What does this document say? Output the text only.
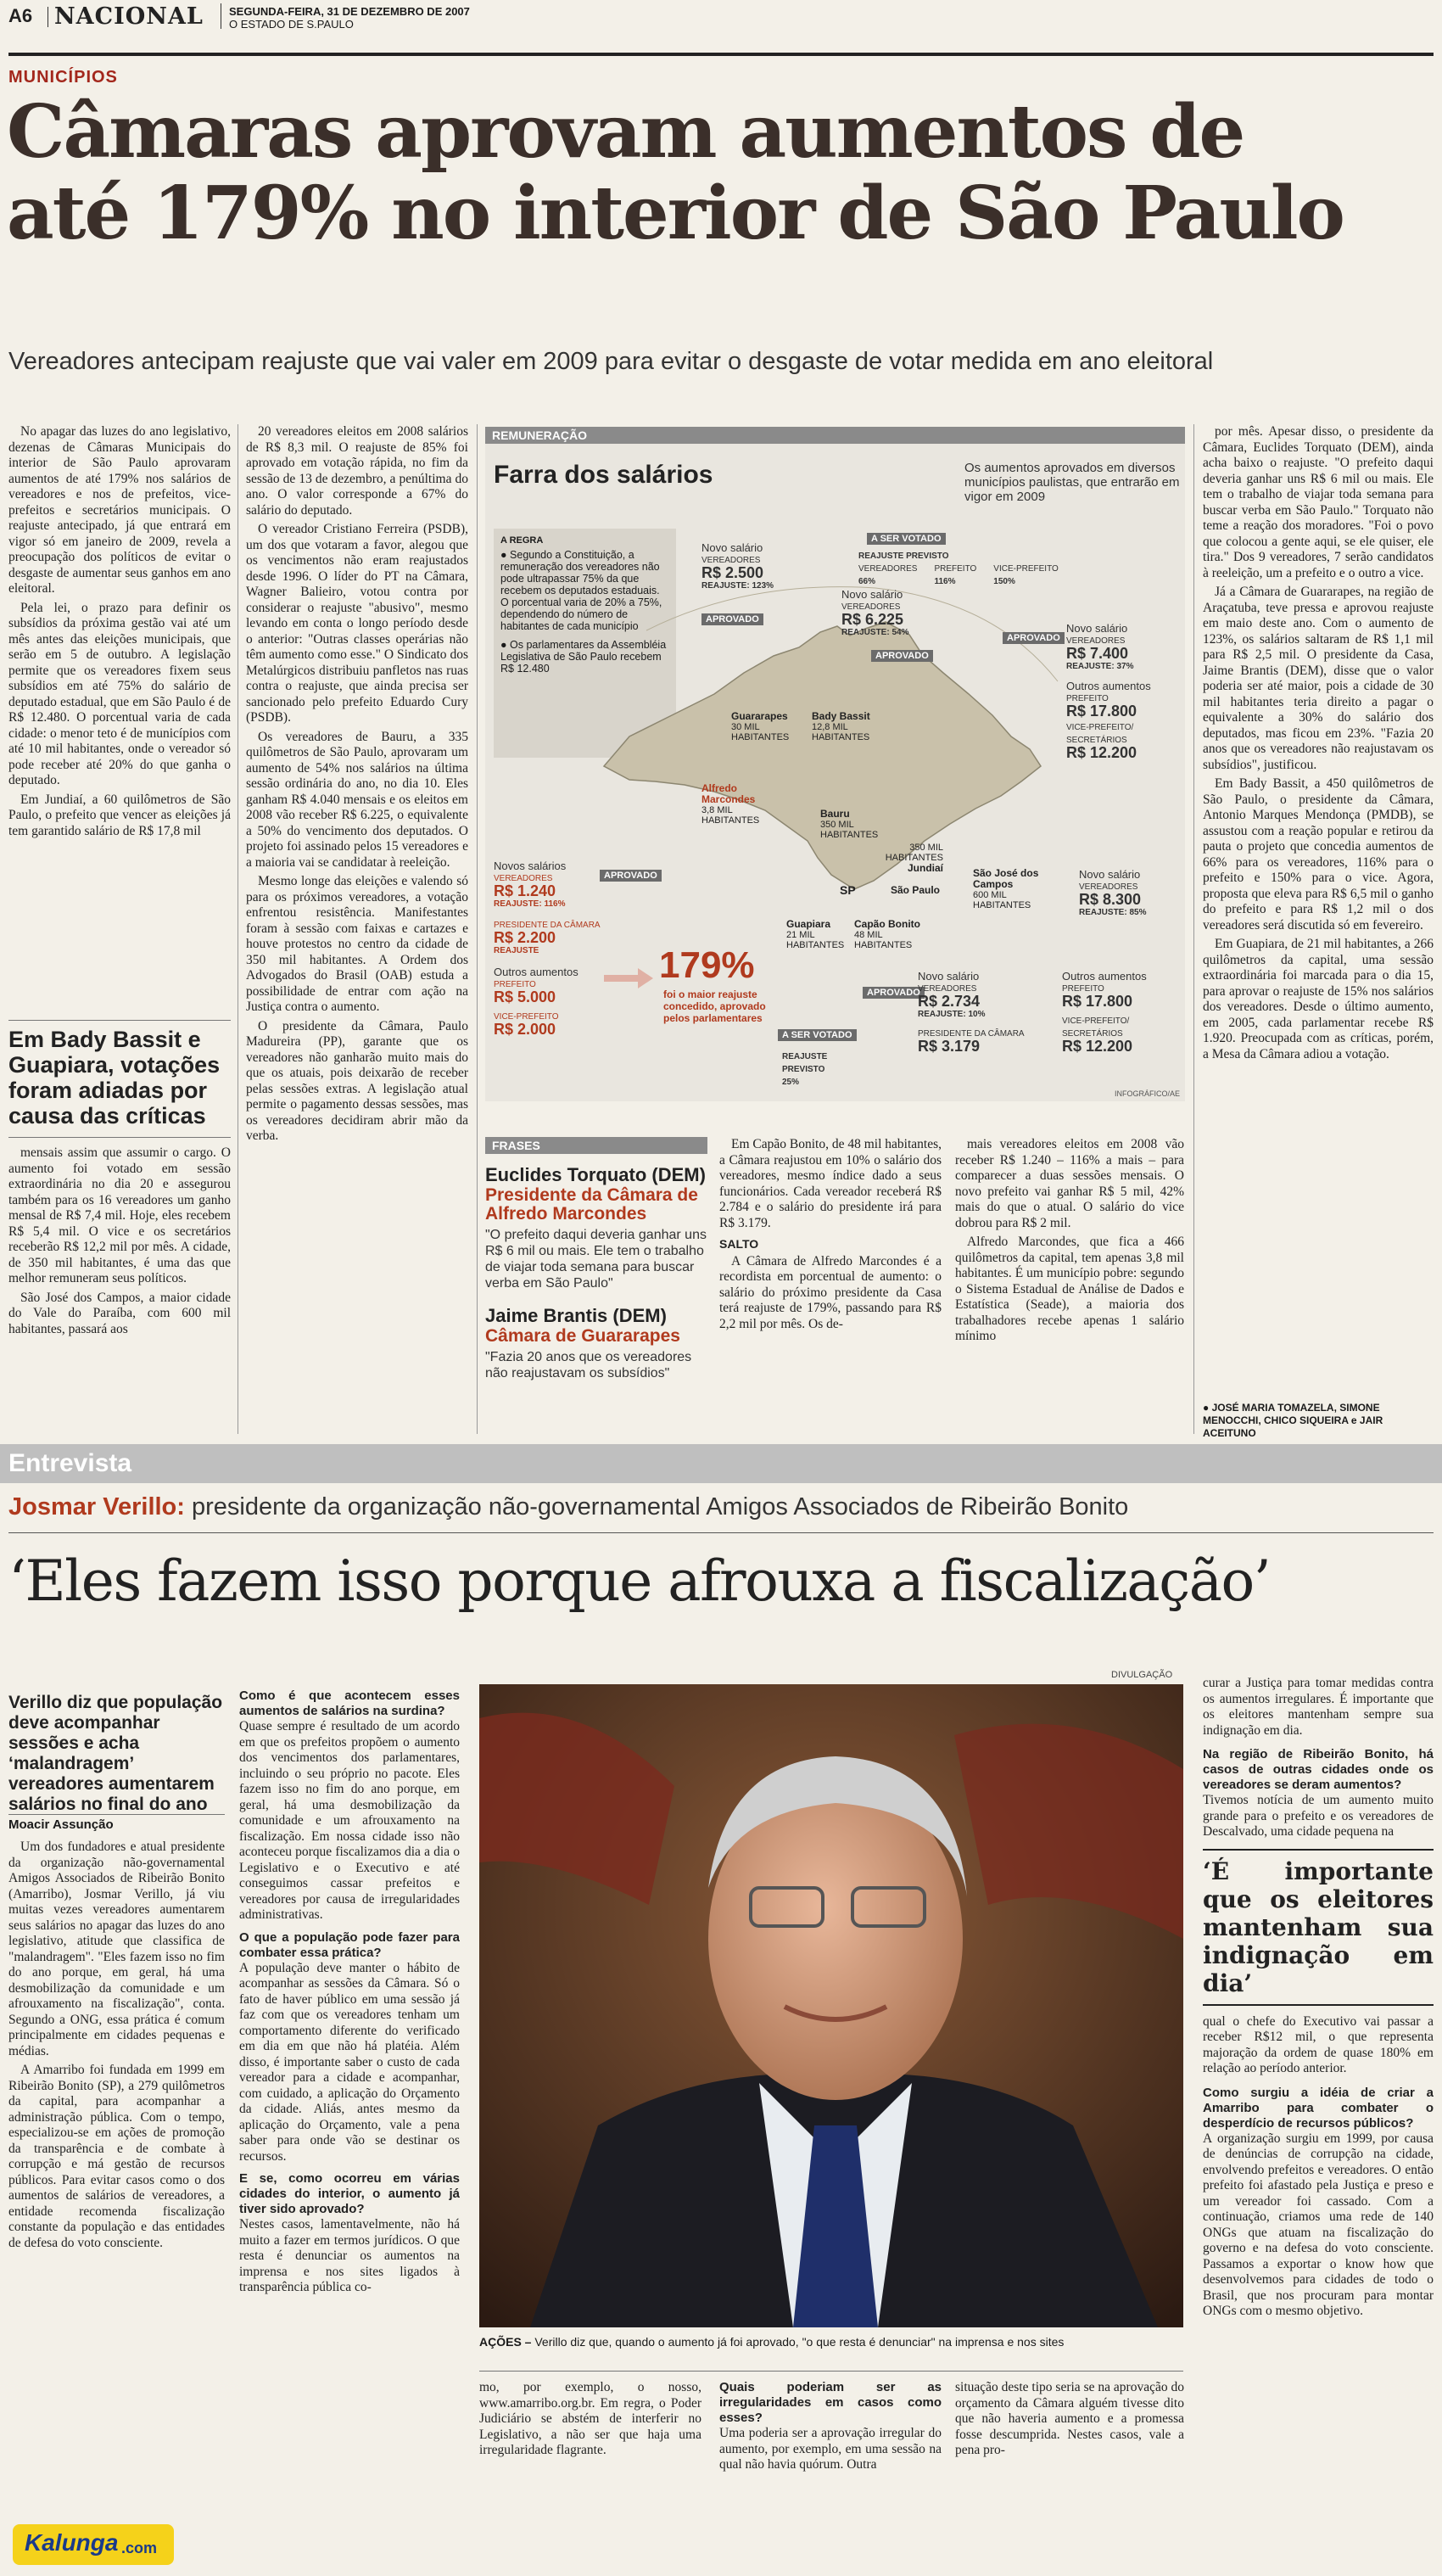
A6 NACIONAL SEGUNDA-FEIRA, 31 DE DEZEMBRO DE 2007
O ESTADO DE S.PAULO
MUNICÍPIOS
Câmaras aprovam aumentos de
até 179% no interior de São Paulo
Vereadores antecipam reajuste que vai valer em 2009 para evitar o desgaste de votar medida em ano eleitoral

No apagar das luzes do ano legislativo, dezenas de Câmaras Municipais do interior de São Paulo aprovaram aumentos de até 179% nos salários de vereadores e nos de prefeitos, vice-prefeitos e secretários municipais. O reajuste antecipado, já que entrará em vigor só em janeiro de 2009, revela a preocupação dos políticos de evitar o desgaste de aumentar seus ganhos em ano eleitoral.

Pela lei, o prazo para definir os subsídios da próxima gestão vai até um mês antes das eleições municipais, que serão em 5 de outubro. A legislação permite que os vereadores fixem seus subsídios em até 75% do salário de deputado estadual, que em São Paulo é de R$ 12.480. O porcentual varia de cada cidade: o menor teto é de municípios com até 10 mil habitantes, onde o vereador só pode receber até 20% do que ganha o deputado.

Em Jundiaí, a 60 quilômetros de São Paulo, o prefeito que vencer as eleições já tem garantido salário de R$ 17,8 mil

Em Bady Bassit e Guapiara, votações foram adiadas por causa das críticas

mensais assim que assumir o cargo. O aumento foi votado em sessão extraordinária no dia 20 e assegurou também para os 16 vereadores um ganho mensal de R$ 7,4 mil. Hoje, eles recebem R$ 5,4 mil. O vice e os secretários receberão R$ 12,2 mil por mês. A cidade, de 350 mil habitantes, é uma das que melhor remuneram seus políticos.

São José dos Campos, a maior cidade do Vale do Paraíba, com 600 mil habitantes, passará aos

20 vereadores eleitos em 2008 salários de R$ 8,3 mil. O reajuste de 85% foi aprovado em votação rápida, no fim da sessão de 13 de dezembro, a penúltima do ano. O valor corresponde a 67% do salário do deputado.

O vereador Cristiano Ferreira (PSDB), um dos que votaram a favor, alegou que os vencimentos não eram reajustados desde 1996. O líder do PT na Câmara, Wagner Balieiro, votou contra por considerar o reajuste "abusivo", mesmo levando em conta o longo período desde o anterior: "Outras classes operárias não têm aumento como esse." O Sindicato dos Metalúrgicos distribuiu panfletos nas ruas contra o reajuste, que ainda precisa ser sancionado pelo prefeito Eduardo Cury (PSDB).

Os vereadores de Bauru, a 335 quilômetros de São Paulo, aprovaram um aumento de 54% nos salários na última sessão ordinária do ano, no dia 10. Eles ganham R$ 4.040 mensais e os eleitos em 2008 vão receber R$ 6.225, o equivalente a 50% do vencimento dos deputados. O projeto foi assinado pelos 15 vereadores e a maioria vai se candidatar à reeleição.

Mesmo longe das eleições e valendo só para os próximos vereadores, a votação enfrentou resistência. Manifestantes foram à sessão com faixas e cartazes e houve protestos no centro da cidade de 350 mil habitantes. A Ordem dos Advogados do Brasil (OAB) estuda a possibilidade de entrar com ação na Justiça contra o aumento.

O presidente da Câmara, Paulo Madureira (PP), garante que os vereadores não ganharão muito mais do que os atuais, pois deixarão de receber pelas sessões extras. A legislação atual permite o pagamento dessas sessões, mas os vereadores decidiram abrir mão da verba.

REMUNERAÇÃO
Farra dos salários	Os aumentos aprovados em diversos municípios paulistas, que entrarão em vigor em 2009
A REGRA
● Segundo a Constituição, a remuneração dos vereadores não pode ultrapassar 75% da que recebem os deputados estaduais. O porcentual varia de 20% a 75%, dependendo do número de habitantes de cada município
● Os parlamentares da Assembléia Legislativa de São Paulo recebem R$ 12.480
SP
Alfredo Marcondes
3,8 MIL HABITANTES
Guararapes
30 MIL HABITANTES
Bady Bassit
12,8 MIL HABITANTES
Bauru
350 MIL HABITANTES
350 MIL HABITANTES
Jundiaí	São José dos Campos
600 MIL HABITANTES
Guapiara
21 MIL HABITANTES
Capão Bonito
48 MIL HABITANTES
São Paulo
Novo salário
VEREADORES
R$ 2.500
REAJUSTE: 123%
APROVADO
A SER VOTADO
REAJUSTE PREVISTO
VEREADORES
66%
PREFEITO
116%
VICE-PREFEITO
150%
Novo salário
VEREADORES
R$ 6.225
REAJUSTE: 54%
APROVADO
APROVADO
Novo salário
VEREADORES
R$ 7.400
REAJUSTE: 37%
Outros aumentos
PREFEITO
R$ 17.800
VICE-PREFEITO/ SECRETÁRIOS
R$ 12.200
Novos salários
VEREADORES
R$ 1.240
REAJUSTE: 116%
PRESIDENTE DA CÂMARA
R$ 2.200
REAJUSTE
Outros aumentos
PREFEITO
R$ 5.000
VICE-PREFEITO
R$ 2.000
APROVADO
179%
foi o maior reajuste concedido, aprovado pelos parlamentares
Novo salário
VEREADORES
R$ 8.300
REAJUSTE: 85%
APROVADO
Novo salário
VEREADORES
R$ 2.734
REAJUSTE: 10%
PRESIDENTE DA CÂMARA
R$ 3.179
Outros aumentos
PREFEITO
R$ 17.800
VICE-PREFEITO/ SECRETÁRIOS
R$ 12.200
A SER VOTADO
REAJUSTE PREVISTO
25%
INFOGRÁFICO/AE
FRASES
Euclides Torquato (DEM)
Presidente da Câmara de Alfredo Marcondes
"O prefeito daqui deveria ganhar uns R$ 6 mil ou mais. Ele tem o trabalho de viajar toda semana para buscar verba em São Paulo"
Jaime Brantis (DEM)
Câmara de Guararapes
"Fazia 20 anos que os vereadores não reajustavam os subsídios"

Em Capão Bonito, de 48 mil habitantes, a Câmara reajustou em 10% o salário dos vereadores, mesmo índice dado a seus funcionários. Cada vereador receberá R$ 2.784 e o salário do presidente irá para R$ 3.179.

SALTO

A Câmara de Alfredo Marcondes é a recordista em porcentual de aumento: o salário do próximo presidente da Casa terá reajuste de 179%, passando para R$ 2,2 mil por mês. Os de-

mais vereadores eleitos em 2008 vão receber R$ 1.240 – 116% a mais – para comparecer a duas sessões mensais. O novo prefeito vai ganhar R$ 5 mil, 42% mais do que o atual. O salário do vice dobrou para R$ 2 mil.

Alfredo Marcondes, que fica a 466 quilômetros da capital, tem apenas 3,8 mil habitantes. É um município pobre: segundo o Sistema Estadual de Análise de Dados e Estatística (Seade), a maioria dos trabalhadores recebe apenas 1 salário mínimo

por mês. Apesar disso, o presidente da Câmara, Euclides Torquato (DEM), ainda acha baixo o reajuste. "O prefeito daqui deveria ganhar uns R$ 6 mil ou mais. Ele tem o trabalho de viajar toda semana para buscar verba em São Paulo." Torquato não teme a reação dos moradores. "Foi o povo que colocou a gente aqui, se ele quiser, ele tira." Dos 9 vereadores, 7 serão candidatos à reeleição, um a prefeito e o outro a vice.

Já a Câmara de Guararapes, na região de Araçatuba, teve pressa e aprovou reajuste em maio deste ano. Com o aumento de 123%, os salários saltaram de R$ 1,1 mil para R$ 2,5 mil. O presidente da Casa, Jaime Brantis (DEM), disse que o valor poderia ser até maior, pois a cidade de 30 mil habitantes teria direito a pagar o equivalente a 30% do salário dos deputados, mas ficou em 23%. "Fazia 20 anos que os vereadores não reajustavam os subsídios", justificou.

Em Bady Bassit, a 450 quilômetros de São Paulo, o presidente da Câmara, Antonio Marques Mendonça (PMDB), se assustou com a reação popular e retirou da pauta o projeto que concedia aumentos de 66% para os vereadores, 116% para o prefeito e 150% para o vice. Agora, proposta que eleva para R$ 6,5 mil o ganho do prefeito e para R$ 1,2 mil o dos vereadores será discutida só em fevereiro.

Em Guapiara, de 21 mil habitantes, a 266 quilômetros da capital, uma sessão extraordinária foi marcada para o dia 15, para aprovar o reajuste de 15% nos salários dos vereadores. Desde o último aumento, em 2005, cada parlamentar recebe R$ 1.920. Preocupada com as críticas, porém, a Mesa da Câmara adiou a votação.

● JOSÉ MARIA TOMAZELA, SIMONE MENOCCHI, CHICO SIQUEIRA e JAIR ACEITUNO
Entrevista
Josmar Verillo: presidente da organização não-governamental Amigos Associados de Ribeirão Bonito
‘Eles fazem isso porque afrouxa a fiscalização’
Verillo diz que população deve acompanhar sessões e acha ‘malandragem’ vereadores aumentarem salários no final do ano
Moacir Assunção

Um dos fundadores e atual presidente da organização não-governamental Amigos Associados de Ribeirão Bonito (Amarribo), Josmar Verillo, já viu muitas vezes vereadores aumentarem seus salários no apagar das luzes do ano legislativo, atitude que classifica de "malandragem". "Eles fazem isso no fim do ano porque, em geral, há uma desmobilização da comunidade e um afrouxamento na fiscalização", conta. Segundo a ONG, essa prática é comum principalmente em cidades pequenas e médias.

A Amarribo foi fundada em 1999 em Ribeirão Bonito (SP), a 279 quilômetros da capital, para acompanhar a administração pública. Com o tempo, especializou-se em ações de promoção da transparência e de combate à corrupção e má gestão de recursos públicos. Para evitar casos como o dos aumentos de salários de vereadores, a entidade recomenda fiscalização constante da população e das entidades de defesa do voto consciente.

Como é que acontecem esses aumentos de salários na surdina?

Quase sempre é resultado de um acordo em que os prefeitos propõem o aumento dos vencimentos dos parlamentares, incluindo o seu próprio no pacote. Eles fazem isso no fim do ano porque, em geral, há uma desmobilização da comunidade e um afrouxamento na fiscalização. Em nossa cidade isso não aconteceu porque fiscalizamos dia a dia o Legislativo e o Executivo e até conseguimos cassar prefeitos e vereadores por causa de irregularidades administrativas.

O que a população pode fazer para combater essa prática?

A população deve manter o hábito de acompanhar as sessões da Câmara. Só o fato de haver público em uma sessão já faz com que os vereadores tenham um comportamento diferente do verificado em dia em que não há platéia. Além disso, é importante saber o custo de cada vereador para a cidade e acompanhar, com cuidado, a aplicação do Orçamento da cidade. Aliás, antes mesmo da aplicação do Orçamento, vale a pena saber para onde vão se destinar os recursos.

E se, como ocorreu em várias cidades do interior, o aumento já tiver sido aprovado?

Nestes casos, lamentavelmente, não há muito a fazer em termos jurídicos. O que resta é denunciar os aumentos na imprensa e nos sites ligados à transparência pública co-

DIVULGAÇÃO
AÇÕES – Verillo diz que, quando o aumento já foi aprovado, "o que resta é denunciar" na imprensa e nos sites

mo, por exemplo, o nosso, www.amarribo.org.br. Em regra, o Poder Judiciário se abstém de interferir no Legislativo, a não ser que haja uma irregularidade flagrante.

Quais poderiam ser as irregularidades em casos como esses?

Uma poderia ser a aprovação irregular do aumento, por exemplo, em uma sessão na qual não havia quórum. Outra

situação deste tipo seria se na aprovação do orçamento da Câmara alguém tivesse dito que não haveria aumento e a promessa fosse descumprida. Nestes casos, vale a pena pro-

curar a Justiça para tomar medidas contra os aumentos irregulares. É importante que os eleitores mantenham sempre sua indignação em dia.

Na região de Ribeirão Bonito, há casos de outras cidades onde os vereadores se deram aumentos?

Tivemos notícia de um aumento muito grande para o prefeito e os vereadores de Descalvado, uma cidade pequena na

‘É importante que os eleitores mantenham sua indignação em dia’

qual o chefe do Executivo vai passar a receber R$12 mil, o que representa majoração da ordem de quase 180% em relação ao período anterior.

Como surgiu a idéia de criar a Amarribo para combater o desperdício de recursos públicos?

A organização surgiu em 1999, por causa de denúncias de corrupção na cidade, envolvendo prefeitos e vereadores. O então prefeito foi afastado pela Justiça e preso e um vereador foi cassado. Com a continuação, criamos uma rede de 140 ONGs que atuam na fiscalização do governo e na defesa do voto consciente. Passamos a exportar o know how que desenvolvemos para cidades de todo o Brasil, que nos procuram para montar ONGs com o mesmo objetivo.

Kalunga .com
